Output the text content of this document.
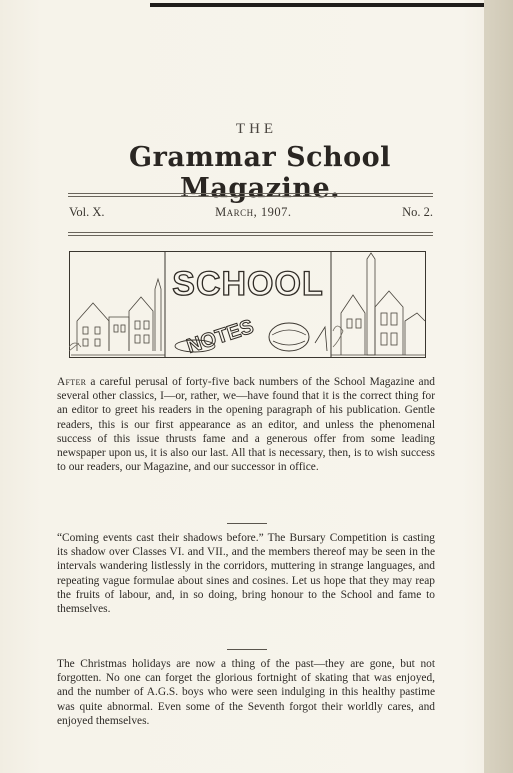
THE
Grammar School Magazine.
Vol. X.	March, 1907.	No. 2.
SCHOOL
NOTES
After a careful perusal of forty-five back numbers of the School Magazine and several other classics, I—or, rather, we—have found that it is the correct thing for an editor to greet his readers in the opening paragraph of his publication. Gentle readers, this is our first appearance as an editor, and unless the phenomenal success of this issue thrusts fame and a generous offer from some leading newspaper upon us, it is also our last. All that is necessary, then, is to wish success to our readers, our Magazine, and our successor in office.
“Coming events cast their shadows before.” The Bursary Competition is casting its shadow over Classes VI. and VII., and the members thereof may be seen in the intervals wandering listlessly in the corridors, muttering in strange languages, and repeating vague formulae about sines and cosines. Let us hope that they may reap the fruits of labour, and, in so doing, bring honour to the School and fame to themselves.
The Christmas holidays are now a thing of the past—they are gone, but not forgotten. No one can forget the glorious fortnight of skating that was enjoyed, and the number of A.G.S. boys who were seen indulging in this healthy pastime was quite abnormal. Even some of the Seventh forgot their worldly cares, and enjoyed themselves.
